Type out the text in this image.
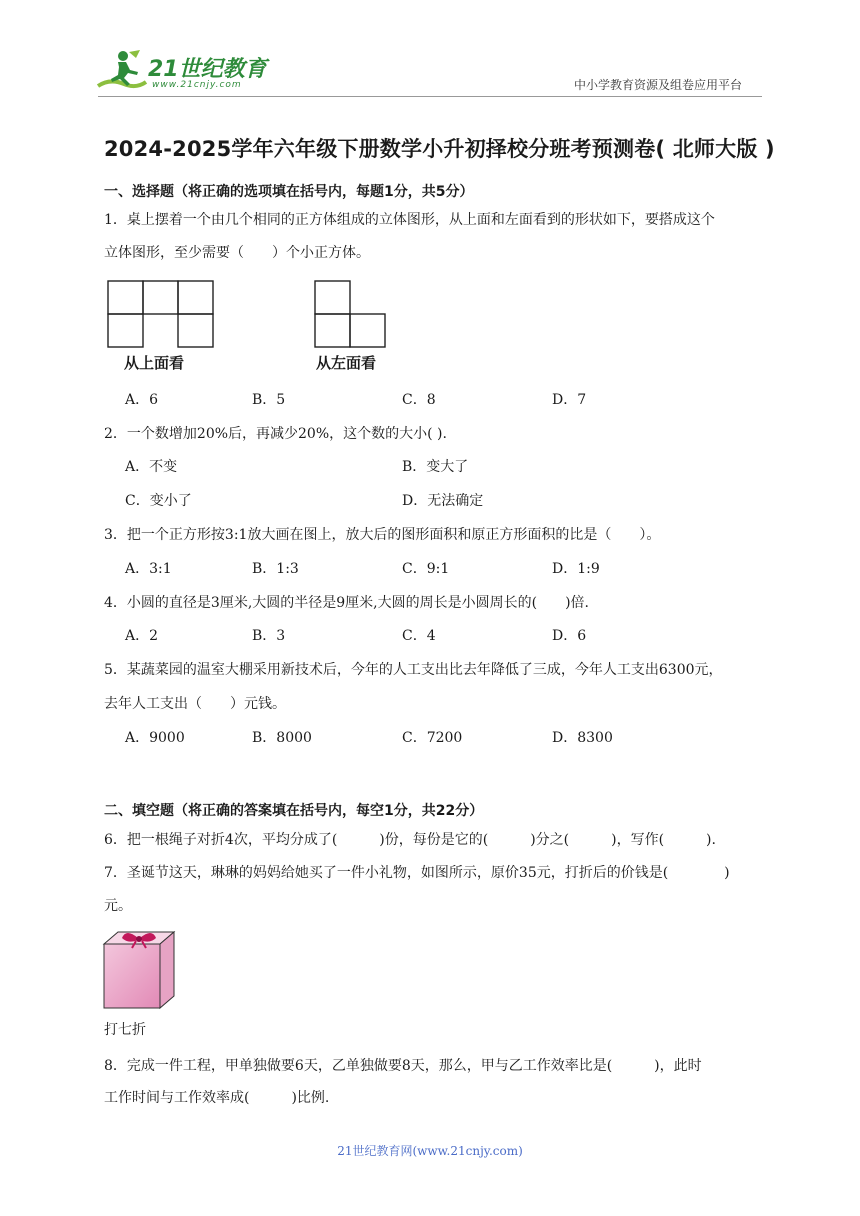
21世纪教育
www.21cnjy.com	中小学教育资源及组卷应用平台
2024-2025学年六年级下册数学小升初择校分班考预测卷( 北师大版 )
一、选择题（将正确的选项填在括号内，每题1分，共5分）
1．桌上摆着一个由几个相同的正方体组成的立体图形，从上面和左面看到的形状如下，要搭成这个
立体图形，至少需要（　　）个小正方体。
从上面看	从左面看
A．6	B．5	C．8	D．7
2．一个数增加20%后，再减少20%，这个数的大小( ).
A．不变	B．变大了
C．变小了	D．无法确定
3．把一个正方形按3:1放大画在图上，放大后的图形面积和原正方形面积的比是（　　）。
A．3:1	B．1:3	C．9:1	D．1:9
4．小圆的直径是3厘米,大圆的半径是9厘米,大圆的周长是小圆周长的(　　)倍.
A．2	B．3	C．4	D．6
5．某蔬菜园的温室大棚采用新技术后，今年的人工支出比去年降低了三成，今年人工支出6300元，
去年人工支出（　　）元钱。
A．9000	B．8000	C．7200	D．8300
二、填空题（将正确的答案填在括号内，每空1分，共22分）
6．把一根绳子对折4次，平均分成了(　　　)份，每份是它的(　　　)分之(　　　)，写作(　　　).
7．圣诞节这天，琳琳的妈妈给她买了一件小礼物，如图所示，原价35元，打折后的价钱是(　　　　)
元。
打七折
8．完成一件工程，甲单独做要6天，乙单独做要8天，那么，甲与乙工作效率比是(　　　)，此时
工作时间与工作效率成(　　　)比例.
21世纪教育网(www.21cnjy.com)
